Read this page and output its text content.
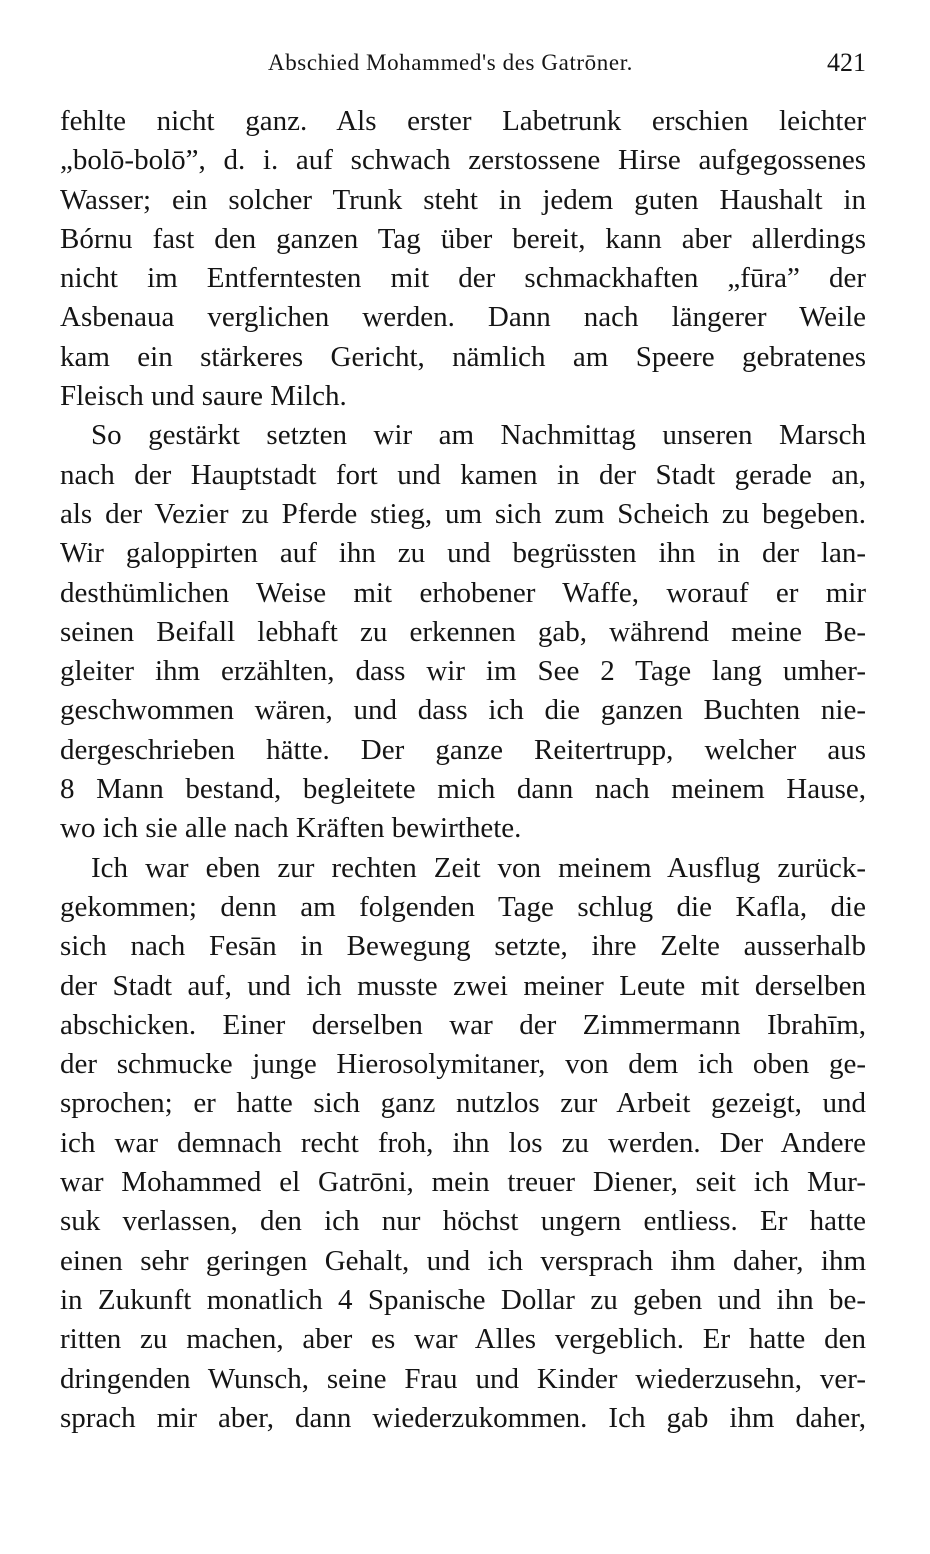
Abschied Mohammed's des Gatrōner.	421
fehlte nicht ganz. Als erster Labetrunk erschien leichter
„bolō-bolō”, d. i. auf schwach zerstossene Hirse aufgegossenes
Wasser; ein solcher Trunk steht in jedem guten Haushalt in
Bórnu fast den ganzen Tag über bereit, kann aber allerdings
nicht im Entferntesten mit der schmackhaften „fūra” der
Asbenaua verglichen werden. Dann nach längerer Weile
kam ein stärkeres Gericht, nämlich am Speere gebratenes
Fleisch und saure Milch.
So gestärkt setzten wir am Nachmittag unseren Marsch
nach der Hauptstadt fort und kamen in der Stadt gerade an,
als der Vezier zu Pferde stieg, um sich zum Scheich zu begeben.
Wir galoppirten auf ihn zu und begrüssten ihn in der lan-
desthümlichen Weise mit erhobener Waffe, worauf er mir
seinen Beifall lebhaft zu erkennen gab, während meine Be-
gleiter ihm erzählten, dass wir im See 2 Tage lang umher-
geschwommen wären, und dass ich die ganzen Buchten nie-
dergeschrieben hätte. Der ganze Reitertrupp, welcher aus
8 Mann bestand, begleitete mich dann nach meinem Hause,
wo ich sie alle nach Kräften bewirthete.
Ich war eben zur rechten Zeit von meinem Ausflug zurück-
gekommen; denn am folgenden Tage schlug die Kafla, die
sich nach Fesān in Bewegung setzte, ihre Zelte ausserhalb
der Stadt auf, und ich musste zwei meiner Leute mit derselben
abschicken. Einer derselben war der Zimmermann Ibrahīm,
der schmucke junge Hierosolymitaner, von dem ich oben ge-
sprochen; er hatte sich ganz nutzlos zur Arbeit gezeigt, und
ich war demnach recht froh, ihn los zu werden. Der Andere
war Mohammed el Gatrōni, mein treuer Diener, seit ich Mur-
suk verlassen, den ich nur höchst ungern entliess. Er hatte
einen sehr geringen Gehalt, und ich versprach ihm daher, ihm
in Zukunft monatlich 4 Spanische Dollar zu geben und ihn be-
ritten zu machen, aber es war Alles vergeblich. Er hatte den
dringenden Wunsch, seine Frau und Kinder wiederzusehn, ver-
sprach mir aber, dann wiederzukommen. Ich gab ihm daher,
